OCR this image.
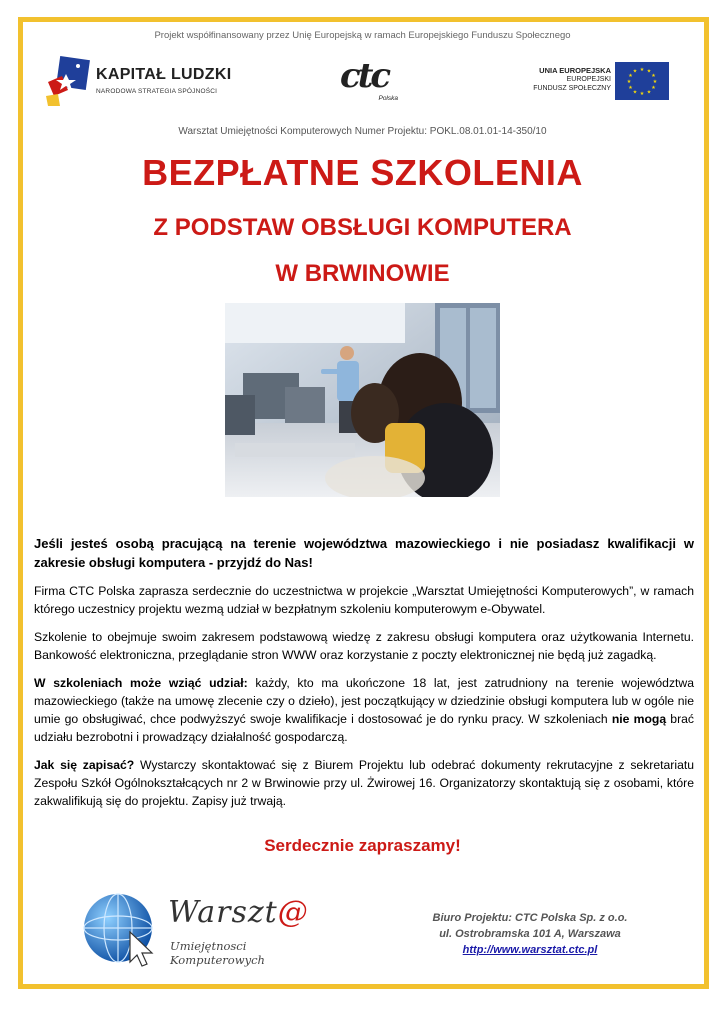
Projekt współfinansowany przez Unię Europejską w ramach Europejskiego Funduszu Społecznego
KAPITAŁ LUDZKI
NARODOWA STRATEGIA SPÓJNOŚCI	ctc
Polska
UNIA EUROPEJSKA
EUROPEJSKI
FUNDUSZ SPOŁECZNY
★ ★
★
★
★
★
★
★
★
★
★
★
Warsztat Umiejętności Komputerowych Numer Projektu: POKL.08.01.01-14-350/10
BEZPŁATNE SZKOLENIA
Z PODSTAW OBSŁUGI KOMPUTERA
W BRWINOWIE

Jeśli jesteś osobą pracującą na terenie województwa mazowieckiego i nie posiadasz kwalifikacji w zakresie obsługi komputera - przyjdź do Nas!

Firma CTC Polska zaprasza serdecznie do uczestnictwa w projekcie „Warsztat Umiejętności Komputerowych”, w ramach którego uczestnicy projektu wezmą udział w bezpłatnym szkoleniu komputerowym e-Obywatel.

Szkolenie to obejmuje swoim zakresem podstawową wiedzę z zakresu obsługi komputera oraz użytkowania Internetu. Bankowość elektroniczna, przeglądanie stron WWW oraz korzystanie z poczty elektronicznej nie będą już zagadką.

W szkoleniach może wziąć udział: każdy, kto ma ukończone 18 lat, jest zatrudniony na terenie województwa mazowieckiego (także na umowę zlecenie czy o dzieło), jest początkujący w dziedzinie obsługi komputera lub w ogóle nie umie go obsługiwać, chce podwyższyć swoje kwalifikacje i dostosować je do rynku pracy. W szkoleniach nie mogą brać udziału bezrobotni i prowadzący działalność gospodarczą.

Jak się zapisać? Wystarczy skontaktować się z Biurem Projektu lub odebrać dokumenty rekrutacyjne z sekretariatu Zespołu Szkół Ogólnokształcących nr 2 w Brwinowie przy ul. Żwirowej 16. Organizatorzy skontaktują się z osobami, które zakwalifikują się do projektu. Zapisy już trwają.

Serdecznie zapraszamy!
Warszt@
Umiejętnosci Komputerowych
Biuro Projektu: CTC Polska Sp. z o.o.
ul. Ostrobramska 101 A, Warszawa
http://www.warsztat.ctc.pl
